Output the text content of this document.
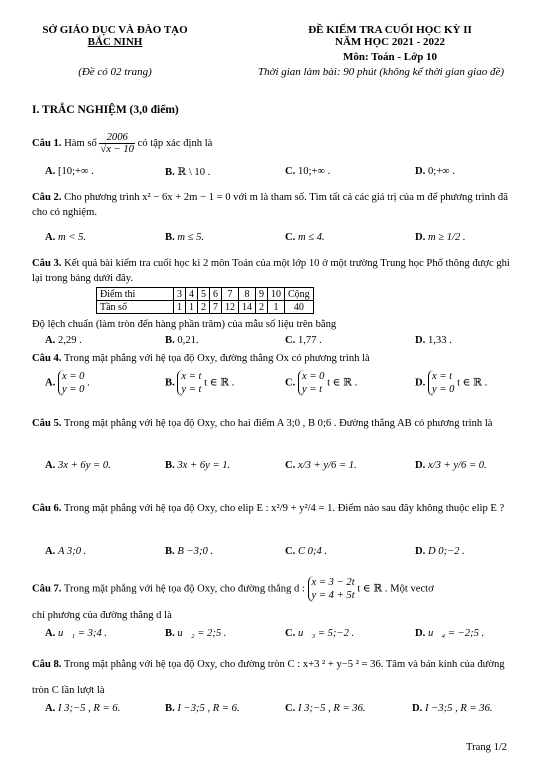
SỞ GIÁO DỤC VÀ ĐÀO TẠO
BẮC NINH
(Đề có 02 trang)
ĐỀ KIỂM TRA CUỐI HỌC KỲ II
NĂM HỌC 2021 - 2022
Môn: Toán - Lớp 10
Thời gian làm bài: 90 phút (không kể thời gian giao đề)
I. TRẮC NGHIỆM (3,0 điểm)
Câu 1. Hàm số $\frac{2006}{√x - 10}$ có tập xác định là
A. [10;+∞ .	B. ℝ \ 10 .	C. 10;+∞ .	D. 0;+∞ .
Câu 2. Cho phương trình x² − 6x + 2m − 1 = 0 với m là tham số. Tìm tất cả các giá trị của m để phương trình đã cho có nghiệm.
A. m < 5.	B. m ≤ 5.	C. m ≤ 4.	D. m ≥ 1/2 .
Câu 3. Kết quả bài kiểm tra cuối học kì 2 môn Toán của một lớp 10 ở một trường Trung học Phổ thông được ghi lại trong bảng dưới đây.
Điểm thi	3	4	5	6	7	8	9	10	Cộng
Tần số	1	1	2	7	12	14	2	1	40
Độ lệch chuẩn (làm tròn đến hàng phần trăm) của mẫu số liệu trên bằng
A. 2,29 .	B. 0,21.	C. 1,77 .	D. 1,33 .
Câu 4. Trong mặt phẳng với hệ tọa độ Oxy, đường thẳng Ox có phương trình là
A. x = 0
y = 0 .	B. x = t
y = t t ∈ ℝ .	C. x = 0
y = t t ∈ ℝ .	D. x = t
y = 0 t ∈ ℝ .
Câu 5. Trong mặt phẳng với hệ tọa độ Oxy, cho hai điểm A 3;0 , B 0;6 . Đường thẳng AB có phương trình là
A. 3x + 6y = 0.	B. 3x + 6y = 1.	C. x/3 + y/6 = 1.	D. x/3 + y/6 = 0.
Câu 6. Trong mặt phẳng với hệ tọa độ Oxy, cho elip E : x²/9 + y²/4 = 1. Điểm nào sau đây không thuộc elip E ?
A. A 3;0 .	B. B −3;0 .	C. C 0;4 .	D. D 0;−2 .
Câu 7. Trong mặt phẳng với hệ tọa độ Oxy, cho đường thẳng d : x = 3 − 2t
y = 4 + 5t t ∈ ℝ . Một vectơ
chỉ phương của đường thẳng d là
A. u⃗₁ = 3;4 .	B. u⃗₂ = 2;5 .	C. u⃗₃ = 5;−2 .	D. u⃗₄ = −2;5 .
Câu 8. Trong mặt phẳng với hệ tọa độ Oxy, cho đường tròn C : x+3 ² + y−5 ² = 36. Tâm và bán kính của đường tròn C lần lượt là
A. I 3;−5 , R = 6.	B. I −3;5 , R = 6.	C. I 3;−5 , R = 36.	D. I −3;5 , R = 36.
Trang 1/2
